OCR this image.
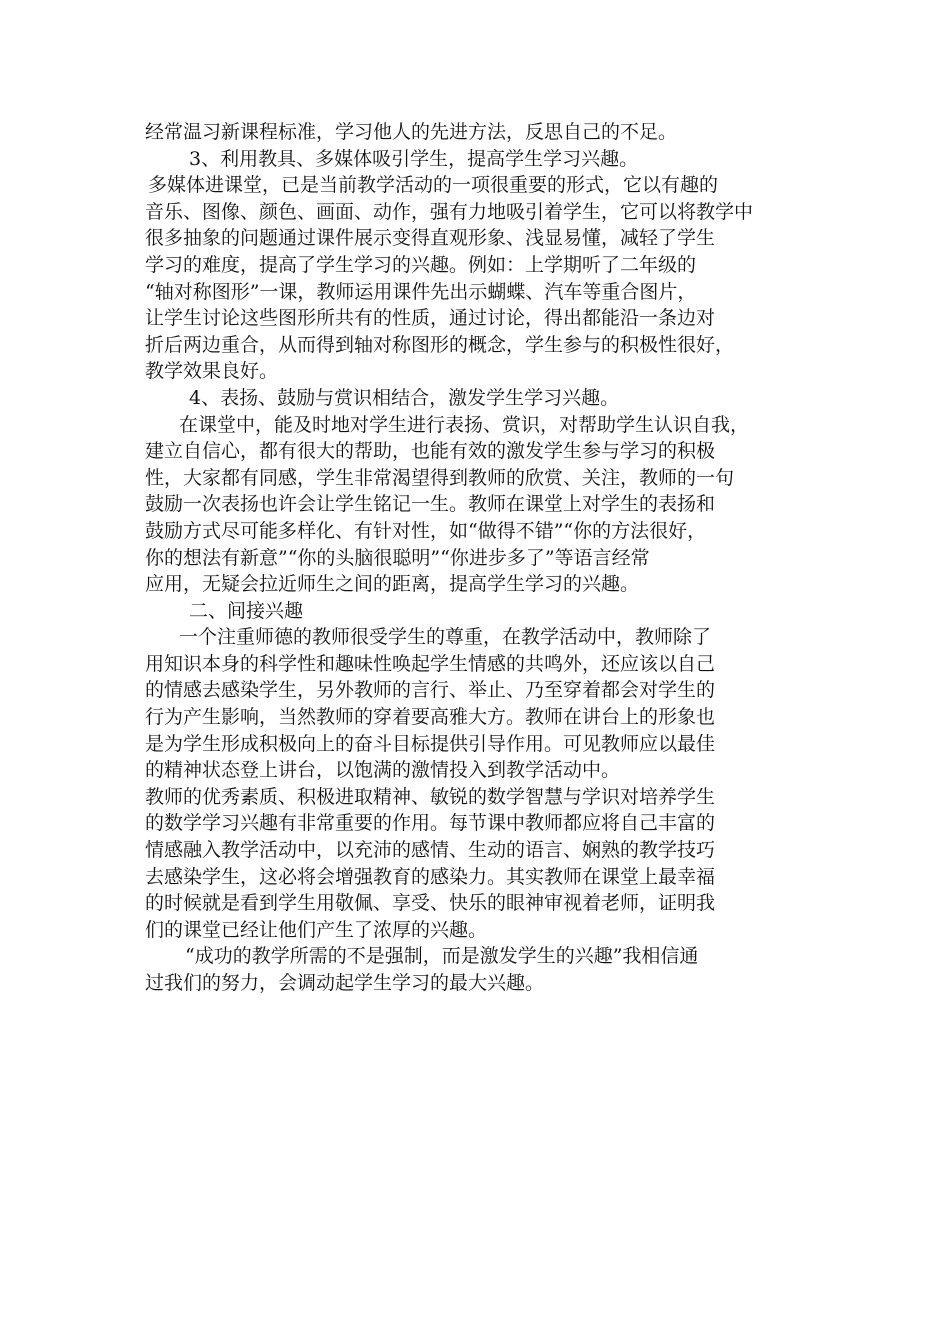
经常温习新课程标准，学习他人的先进方法，反思自己的不足。
3、利用教具、多媒体吸引学生，提高学生学习兴趣。
多媒体进课堂，已是当前教学活动的一项很重要的形式，它以有趣的
音乐、图像、颜色、画面、动作，强有力地吸引着学生，它可以将教学中
很多抽象的问题通过课件展示变得直观形象、浅显易懂，减轻了学生
学习的难度，提高了学生学习的兴趣。例如：上学期听了二年级的
“轴对称图形”一课，教师运用课件先出示蝴蝶、汽车等重合图片，
让学生讨论这些图形所共有的性质，通过讨论，得出都能沿一条边对
折后两边重合，从而得到轴对称图形的概念，学生参与的积极性很好，
教学效果良好。
4、表扬、鼓励与赏识相结合，激发学生学习兴趣。
在课堂中，能及时地对学生进行表扬、赏识，对帮助学生认识自我，
建立自信心，都有很大的帮助，也能有效的激发学生参与学习的积极
性，大家都有同感，学生非常渴望得到教师的欣赏、关注，教师的一句
鼓励一次表扬也许会让学生铭记一生。教师在课堂上对学生的表扬和
鼓励方式尽可能多样化、有针对性，如“做得不错”“你的方法很好，
你的想法有新意”“你的头脑很聪明”“你进步多了”等语言经常
应用，无疑会拉近师生之间的距离，提高学生学习的兴趣。
二、间接兴趣
一个注重师德的教师很受学生的尊重，在教学活动中，教师除了
用知识本身的科学性和趣味性唤起学生情感的共鸣外，还应该以自己
的情感去感染学生，另外教师的言行、举止、乃至穿着都会对学生的
行为产生影响，当然教师的穿着要高雅大方。教师在讲台上的形象也
是为学生形成积极向上的奋斗目标提供引导作用。可见教师应以最佳
的精神状态登上讲台，以饱满的激情投入到教学活动中。
教师的优秀素质、积极进取精神、敏锐的数学智慧与学识对培养学生
的数学学习兴趣有非常重要的作用。每节课中教师都应将自己丰富的
情感融入教学活动中，以充沛的感情、生动的语言、娴熟的教学技巧
去感染学生，这必将会增强教育的感染力。其实教师在课堂上最幸福
的时候就是看到学生用敬佩、享受、快乐的眼神审视着老师，证明我
们的课堂已经让他们产生了浓厚的兴趣。
“成功的教学所需的不是强制，而是激发学生的兴趣”我相信通
过我们的努力，会调动起学生学习的最大兴趣。
